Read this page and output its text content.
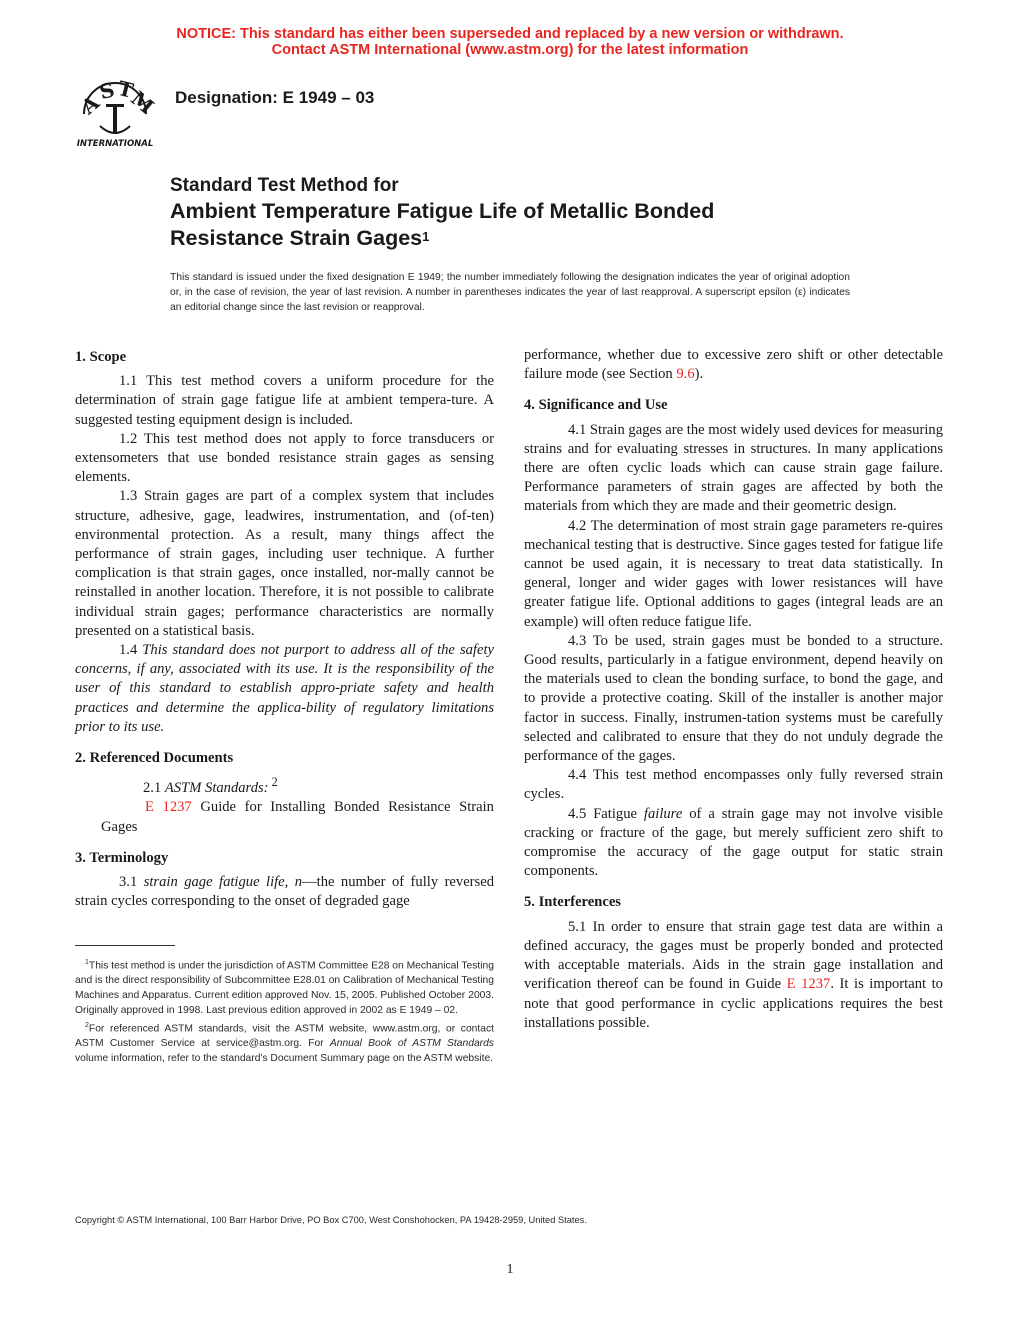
NOTICE: This standard has either been superseded and replaced by a new version or withdrawn.
Contact ASTM International (www.astm.org) for the latest information
A
S
T
M
INTERNATIONAL
Designation: E 1949 – 03
Standard Test Method for
Ambient Temperature Fatigue Life of Metallic Bonded
Resistance Strain Gages$^1$
This standard is issued under the fixed designation E 1949; the number immediately following the designation indicates the year of original adoption or, in the case of revision, the year of last revision. A number in parentheses indicates the year of last reapproval. A superscript epsilon (ε) indicates an editorial change since the last revision or reapproval.
1. Scope

1.1 This test method covers a uniform procedure for the determination of strain gage fatigue life at ambient tempera-ture. A suggested testing equipment design is included.

1.2 This test method does not apply to force transducers or extensometers that use bonded resistance strain gages as sensing elements.

1.3 Strain gages are part of a complex system that includes structure, adhesive, gage, leadwires, instrumentation, and (of-ten) environmental protection. As a result, many things affect the performance of strain gages, including user technique. A further complication is that strain gages, once installed, nor-mally cannot be reinstalled in another location. Therefore, it is not possible to calibrate individual strain gages; performance characteristics are normally presented on a statistical basis.

1.4 This standard does not purport to address all of the safety concerns, if any, associated with its use. It is the responsibility of the user of this standard to establish appro-priate safety and health practices and determine the applica-bility of regulatory limitations prior to its use.

2. Referenced Documents

2.1 ASTM Standards: $^2$

E 1237 Guide for Installing Bonded Resistance Strain Gages

3. Terminology

3.1 strain gage fatigue life, n—the number of fully reversed strain cycles corresponding to the onset of degraded gage

performance, whether due to excessive zero shift or other detectable failure mode (see Section 9.6).

4. Significance and Use

4.1 Strain gages are the most widely used devices for measuring strains and for evaluating stresses in structures. In many applications there are often cyclic loads which can cause strain gage failure. Performance parameters of strain gages are affected by both the materials from which they are made and their geometric design.

4.2 The determination of most strain gage parameters re-quires mechanical testing that is destructive. Since gages tested for fatigue life cannot be used again, it is necessary to treat data statistically. In general, longer and wider gages with lower resistances will have greater fatigue life. Optional additions to gages (integral leads are an example) will often reduce fatigue life.

4.3 To be used, strain gages must be bonded to a structure. Good results, particularly in a fatigue environment, depend heavily on the materials used to clean the bonding surface, to bond the gage, and to provide a protective coating. Skill of the installer is another major factor in success. Finally, instrumen-tation systems must be carefully selected and calibrated to ensure that they do not unduly degrade the performance of the gages.

4.4 This test method encompasses only fully reversed strain cycles.

4.5 Fatigue failure of a strain gage may not involve visible cracking or fracture of the gage, but merely sufficient zero shift to compromise the accuracy of the gage output for static strain components.

5. Interferences

5.1 In order to ensure that strain gage test data are within a defined accuracy, the gages must be properly bonded and protected with acceptable materials. Aids in the strain gage installation and verification thereof can be found in Guide E 1237. It is important to note that good performance in cyclic applications requires the best installations possible.

$^1$This test method is under the jurisdiction of ASTM Committee E28 on Mechanical Testing and is the direct responsibility of Subcommittee E28.01 on Calibration of Mechanical Testing Machines and Apparatus. Current edition approved Nov. 15, 2005. Published October 2003. Originally approved in 1998. Last previous edition approved in 2002 as E 1949 – 02.

$^2$For referenced ASTM standards, visit the ASTM website, www.astm.org, or contact ASTM Customer Service at service@astm.org. For Annual Book of ASTM Standards volume information, refer to the standard's Document Summary page on the ASTM website.

Copyright © ASTM International, 100 Barr Harbor Drive, PO Box C700, West Conshohocken, PA 19428-2959, United States.
1
